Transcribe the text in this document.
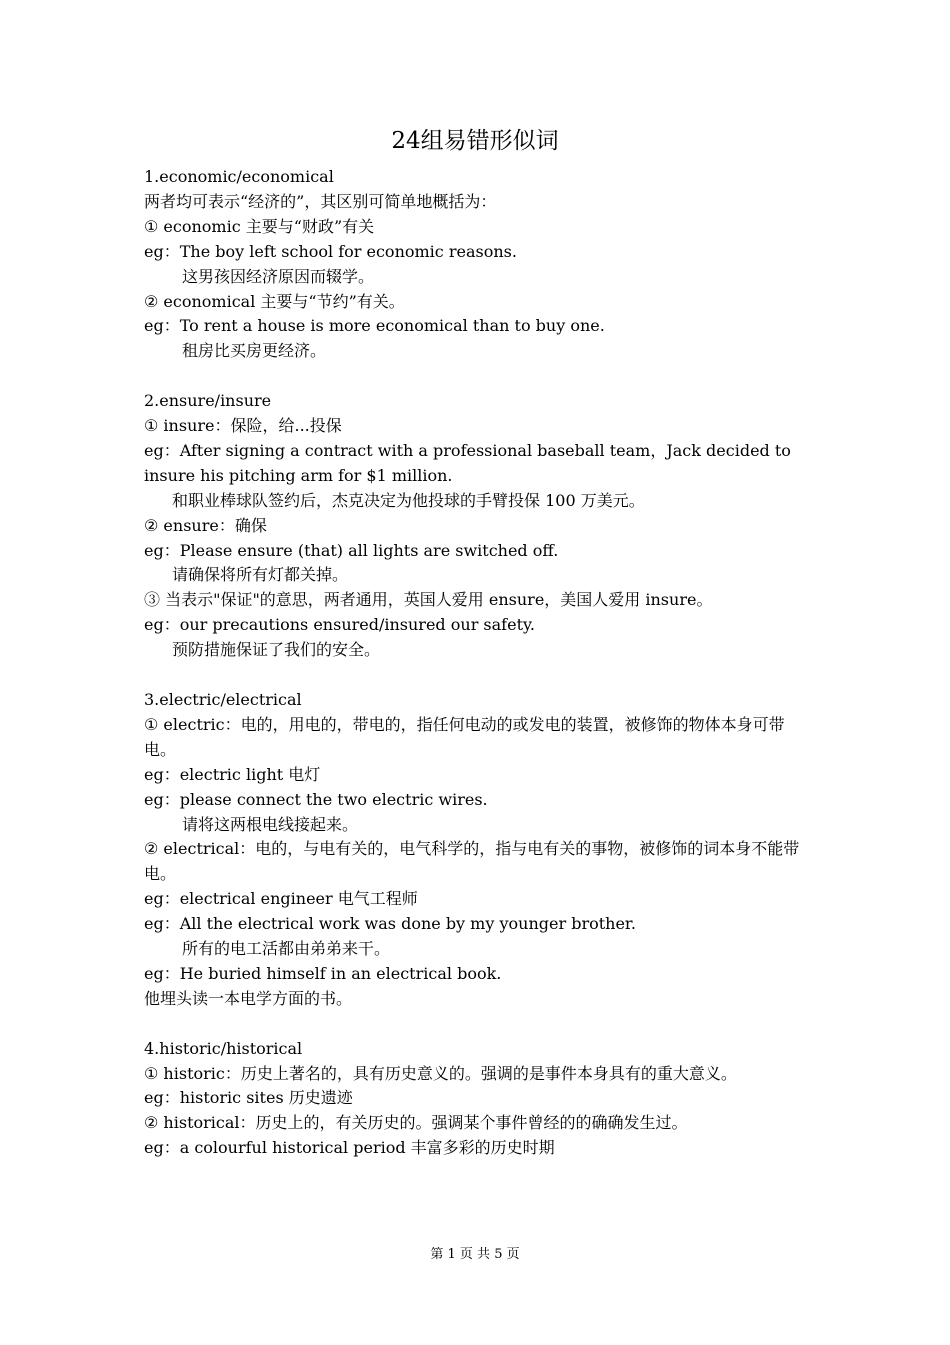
24组易错形似词
1.economic/economical
两者均可表示“经济的”，其区别可简单地概括为：
① economic 主要与“财政”有关
eg：The boy left school for economic reasons.
这男孩因经济原因而辍学。
② economical 主要与“节约”有关。
eg：To rent a house is more economical than to buy one.
租房比买房更经济。
2.ensure/insure
① insure：保险，给...投保
eg：After signing a contract with a professional baseball team，Jack decided to insure his pitching arm for $1 million.
和职业棒球队签约后，杰克决定为他投球的手臂投保 100 万美元。
② ensure：确保
eg：Please ensure (that) all lights are switched off.
请确保将所有灯都关掉。
③ 当表示"保证"的意思，两者通用，英国人爱用 ensure，美国人爱用 insure。
eg：our precautions ensured/insured our safety.
预防措施保证了我们的安全。
3.electric/electrical
① electric：电的，用电的，带电的，指任何电动的或发电的装置，被修饰的物体本身可带电。
eg：electric light 电灯
eg：please connect the two electric wires.
请将这两根电线接起来。
② electrical：电的，与电有关的，电气科学的，指与电有关的事物，被修饰的词本身不能带电。
eg：electrical engineer 电气工程师
eg：All the electrical work was done by my younger brother.
所有的电工活都由弟弟来干。
eg：He buried himself in an electrical book.
他埋头读一本电学方面的书。
4.historic/historical
① historic：历史上著名的，具有历史意义的。强调的是事件本身具有的重大意义。
eg：historic sites 历史遗迹
② historical：历史上的，有关历史的。强调某个事件曾经的的确确发生过。
eg：a colourful historical period 丰富多彩的历史时期
第 1 页 共 5 页
